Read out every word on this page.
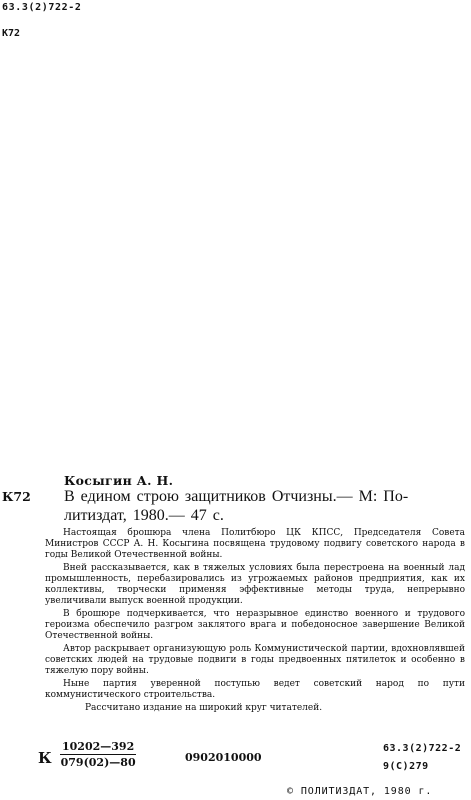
63.3(2)722-2
К72
Косыгин А. Н.
К72 В едином строю защитников Отчизны.— М: По-
литиздат, 1980.— 47 с.

Настоящая брошюра члена Политбюро ЦК КПСС, Председателя Совета Министров СССР А. Н. Косыгина посвящена трудовому подвигу советского народа в годы Великой Отечественной войны.

Вней рассказывается, как в тяжелых условиях была перестроена на военный лад промышленность, перебазировались из угрожаемых районов предприятия, как их коллективы, творчески применяя эффективные методы труда, непрерывно увеличивали выпуск военной продукции.

В брошюре подчеркивается, что неразрывное единство военного и трудового героизма обеспечило разгром заклятого врага и победоносное завершение Великой Отечественной войны.

Автор раскрывает организующую роль Коммунистической партии, вдохновлявшей советских людей на трудовые подвиги в годы предвоенных пятилеток и особенно в тяжелую пору войны.

Ныне партия уверенной поступью ведет советский народ по пути коммунистического строительства.

Рассчитано издание на широкий круг читателей.

К $\frac{10202—392}{079(02)—80}$	0902010000
63.3(2)722-2
9(С)279
© ПОЛИТИЗДАТ, 1980 г.
